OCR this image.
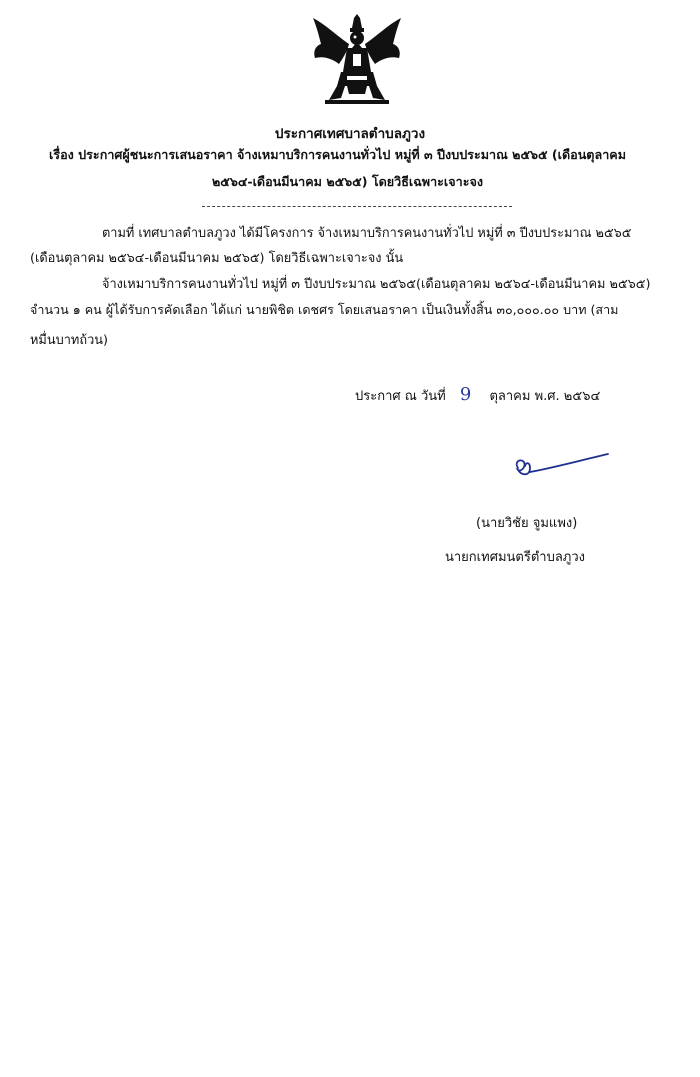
ประกาศเทศบาลตำบลภูวง
เรื่อง ประกาศผู้ชนะการเสนอราคา จ้างเหมาบริการคนงานทั่วไป หมู่ที่ ๓ ปีงบประมาณ ๒๕๖๕ (เดือนตุลาคม
๒๕๖๔-เดือนมีนาคม ๒๕๖๕) โดยวิธีเฉพาะเจาะจง
ตามที่ เทศบาลตำบลภูวง ได้มีโครงการ จ้างเหมาบริการคนงานทั่วไป หมู่ที่ ๓ ปีงบประมาณ ๒๕๖๕
(เดือนตุลาคม ๒๕๖๔-เดือนมีนาคม ๒๕๖๕) โดยวิธีเฉพาะเจาะจง นั้น
จ้างเหมาบริการคนงานทั่วไป หมู่ที่ ๓ ปีงบประมาณ ๒๕๖๕(เดือนตุลาคม ๒๕๖๔-เดือนมีนาคม ๒๕๖๕)
จำนวน ๑ คน ผู้ได้รับการคัดเลือก ได้แก่ นายพิชิต เดชศร โดยเสนอราคา เป็นเงินทั้งสิ้น ๓๐,๐๐๐.๐๐ บาท (สาม
หมื่นบาทถ้วน)
ประกาศ ณ วันที่ 9 ตุลาคม พ.ศ. ๒๕๖๔
(นายวิชัย จูมแพง)
นายกเทศมนตรีตำบลภูวง
